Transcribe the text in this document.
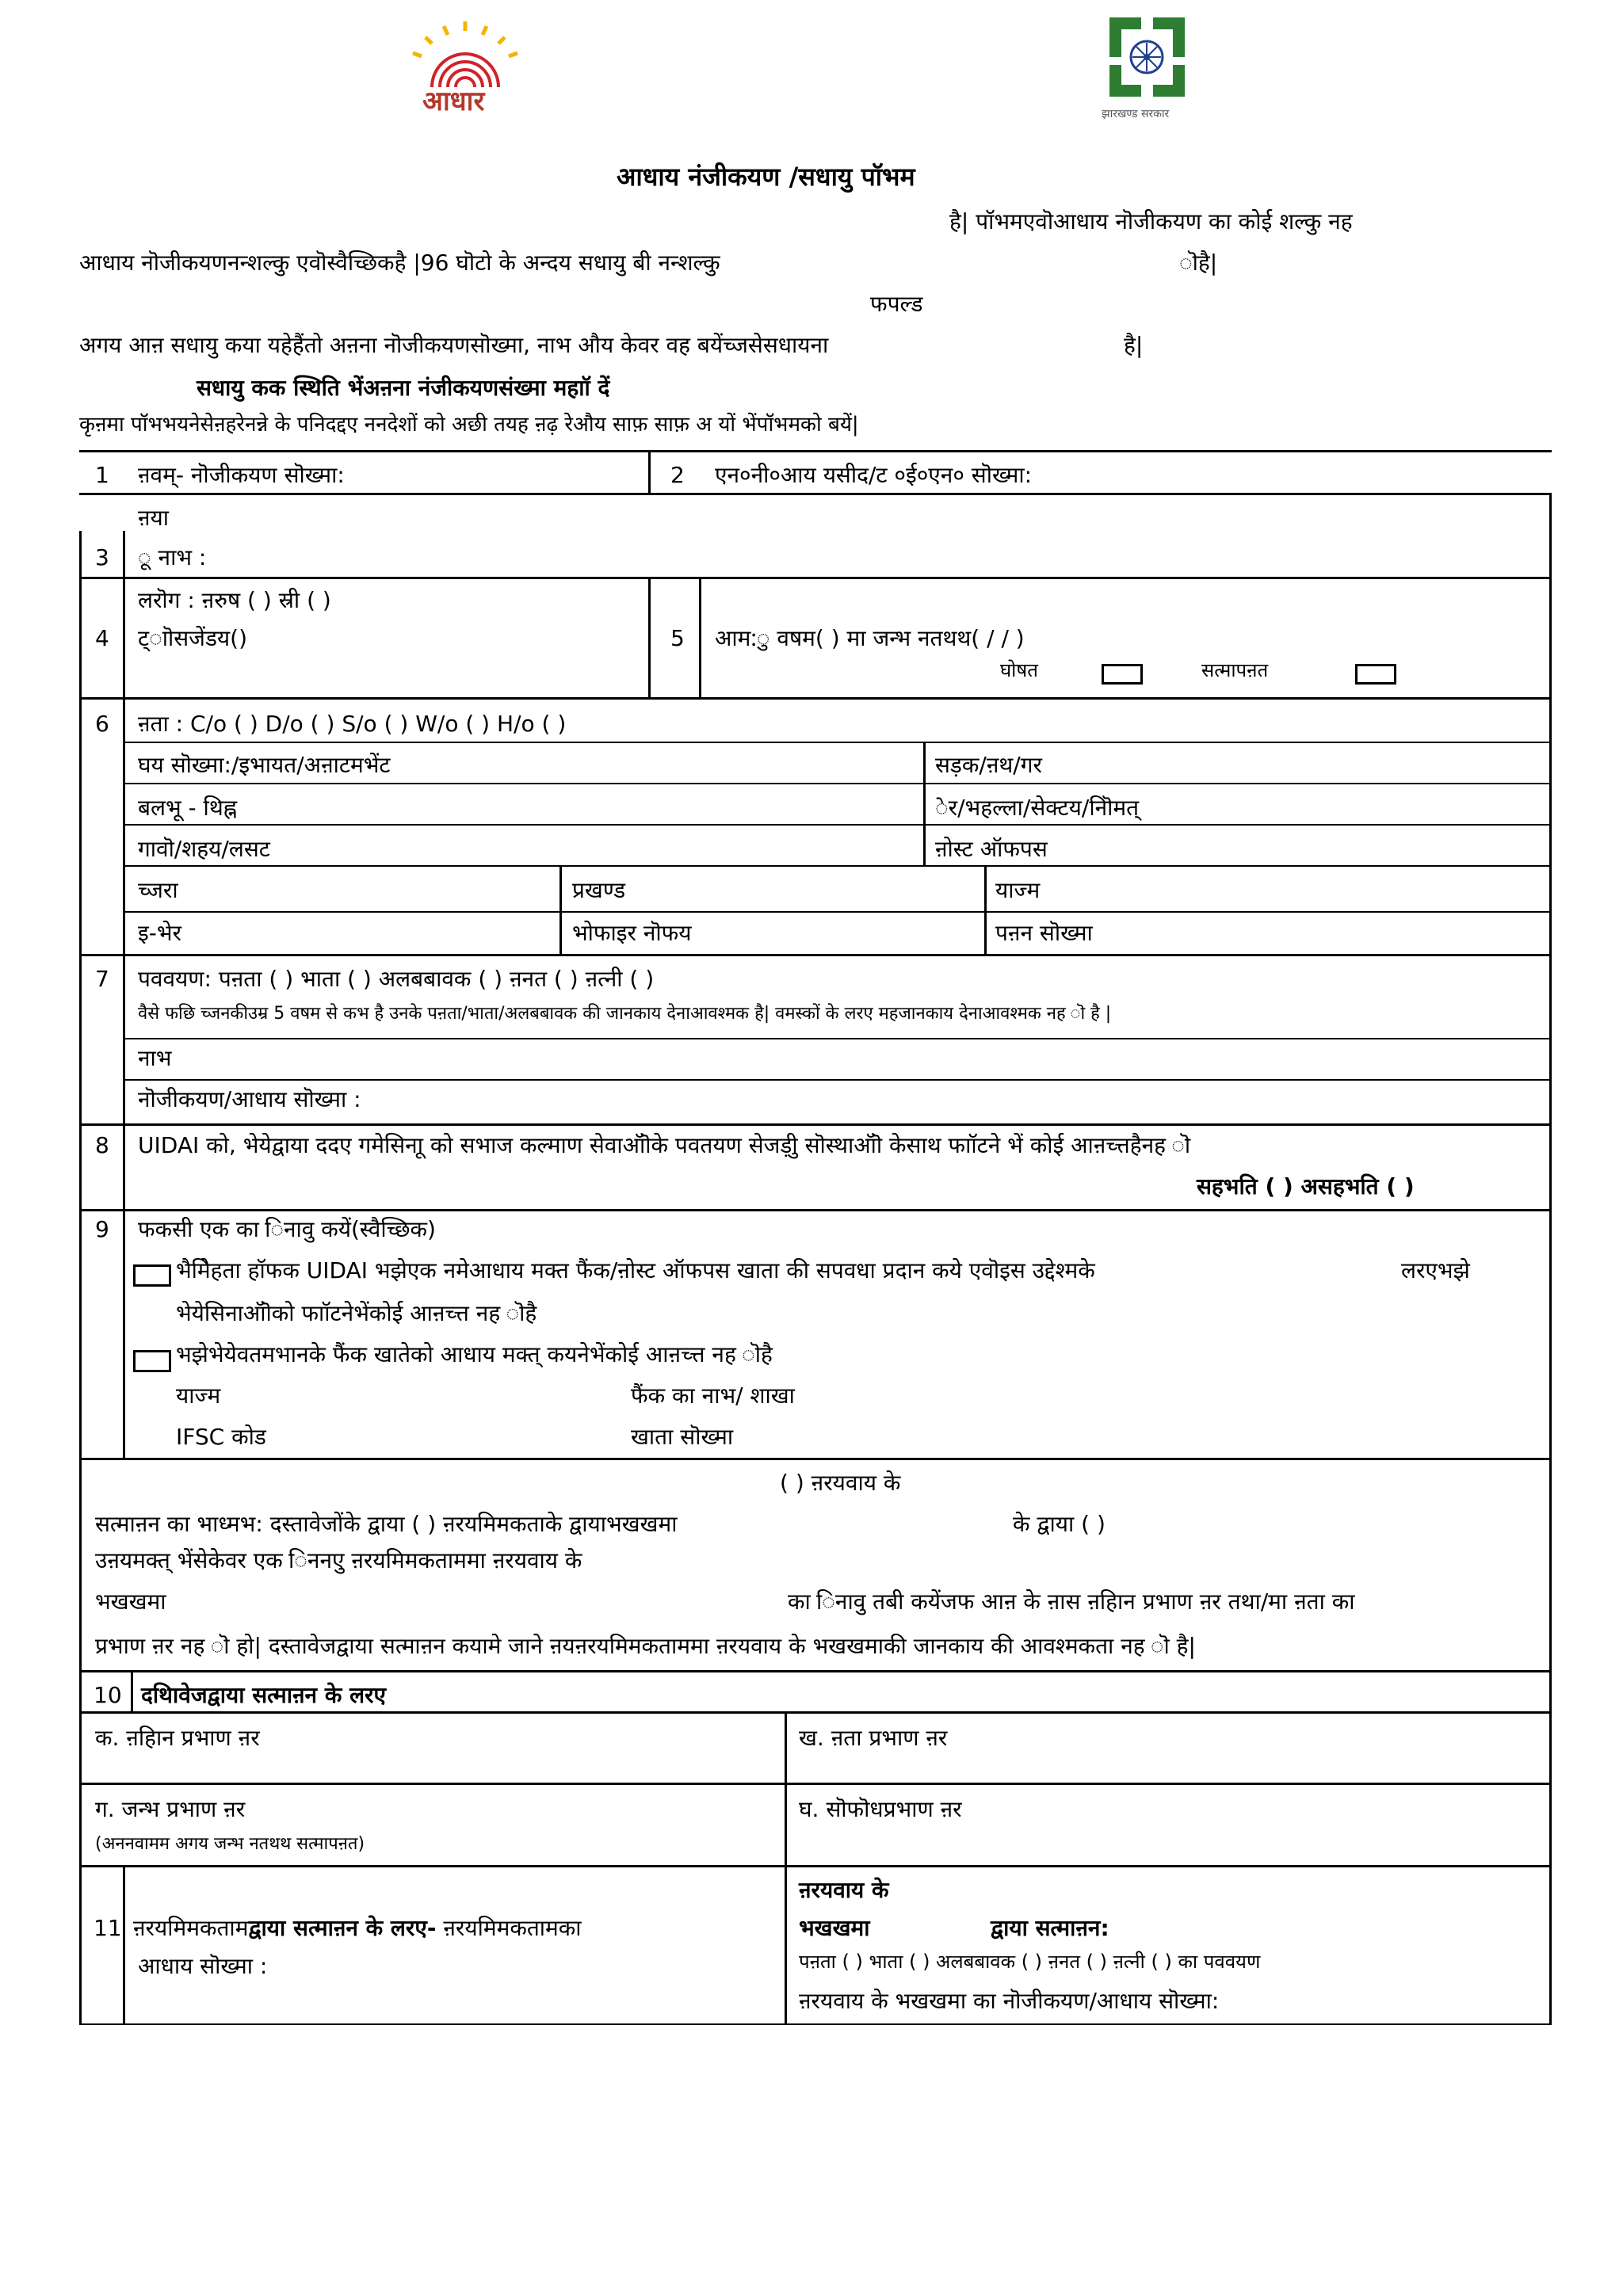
आधार	झारखण्ड सरकार
आधाय नंजीकयण /सधायु पॉभम
है| पॉभमएवॊआधाय नॊजीकयण का कोई शल्कु नह
आधाय नॊजीकयणनन्शल्कु एवॊस्वैच्छिकहै |96 घॊटो के अन्दय सधायु बी नन्शल्कु	ॊहै|
फपल्ड
अगय आऩ सधायु कया यहेहैंतो अऩना नॊजीकयणसॊख्मा, नाभ औय केवर वह बयेंच्जसेसधायना	है|
सधायु कक स्थिति भेंअऩना नंजीकयणसंख्मा महाॉ दें
कृऩमा पॉभभयनेसेऩहरेनन्ने के पनिदद्दए ननदेशों को अछी तयह ऩढ़ रेऔय साफ़ साफ़ अ यों भेंपॉभमको बयें|
1 ऩवम्- नॊजीकयण सॊख्मा:	2 एन०नी०आय यसीद/ट ०ई०एन० सॊख्मा:
ऩया
3 ू नाभ :
लरॊग : ऩरुष ( ) स्री ( )
4 ट्ाॊसजेंडय()	5 आम:ु वषम( ) मा जन्भ नतथथ( / / )
घोषत	सत्मापऩत
6 ऩता : C/o ( ) D/o ( ) S/o ( ) W/o ( ) H/o ( )
घय सॊख्मा:/इभायत/अऩाटमभेंट	सड़क/ऩथ/गर
बलभू - थिह्न	ेर/भहल्ला/सेक्टय/नॊिमत्
गावॊ/शहय/लसट	ऩोस्ट ऑफपस
च्जरा	प्रखण्ड	याज्म
इ-भेर	भोफाइर नॊफय	पऩन सॊख्मा
7 पववयण: पऩता ( ) भाता ( ) अलबबावक ( ) ऩनत ( ) ऩत्नी ( )
वैसे फछि च्जनकीउम्र 5 वषम से कभ है उनके पऩता/भाता/अलबबावक की जानकाय देनाआवश्मक है| वमस्कों के लरए महजानकाय देनाआवश्मक नह ॊ है |
नाभ
नॊजीकयण/आधाय सॊख्मा :
8 UIDAI को, भेयेद्वाया ददए गमेसिनाू को सभाज कल्माण सेवाऑॊके पवतयण सेजड़ीु सॊस्थाऑॊ केसाथ फाॉटने भें कोई आऩच्त्तहैनह ॊ
सहभति ( ) असहभति ( )
9 फकसी एक का िनावु कयें(स्वैच्छिक)
भैमेिहता हॉफक UIDAI भझेएक नमेआधाय मक्त फैंक/ऩोस्ट ऑफपस खाता की सपवधा प्रदान कये एवॊइस उद्देश्मके	लरएभझे
भेयेसिनाऑॊको फाॉटनेभेंकोई आऩच्त्त नह ॊहै
भझेभेयेवतमभानके फैंक खातेको आधाय मक्त् कयनेभेंकोई आऩच्त्त नह ॊहै
याज्म	फैंक का नाभ/ शाखा
IFSC कोड	खाता सॊख्मा
( ) ऩरयवाय के
सत्माऩन का भाध्मभ: दस्तावेजोंके द्वाया ( ) ऩरयमिमकताके द्वायाभखखमा	के द्वाया ( )
उऩयमक्त् भेंसेकेवर एक िननएु ऩरयमिमकताममा ऩरयवाय के
भखखमा	का िनावु तबी कयेंजफ आऩ के ऩास ऩहिान प्रभाण ऩर तथा/मा ऩता का
प्रभाण ऩर नह ॊ हो| दस्तावेजद्वाया सत्माऩन कयामे जाने ऩयऩरयमिमकताममा ऩरयवाय के भखखमाकी जानकाय की आवश्मकता नह ॊ है|
10 दथिावेजद्वाया सत्माऩन के लरए
क. ऩहिान प्रभाण ऩर	ख. ऩता प्रभाण ऩर
ग. जन्भ प्रभाण ऩर
(अननवामम अगय जन्भ नतथथ सत्मापऩत)
घ. सॊफॊधप्रभाण ऩर
11 ऩरयमिमकतामद्वाया सत्माऩन के लरए- ऩरयमिमकतामका
आधाय सॊख्मा :
ऩरयवाय के
भखखमा	द्वाया सत्माऩन:
पऩता ( ) भाता ( ) अलबबावक ( ) ऩनत ( ) ऩत्नी ( ) का पववयण
ऩरयवाय के भखखमा का नॊजीकयण/आधाय सॊख्मा:
